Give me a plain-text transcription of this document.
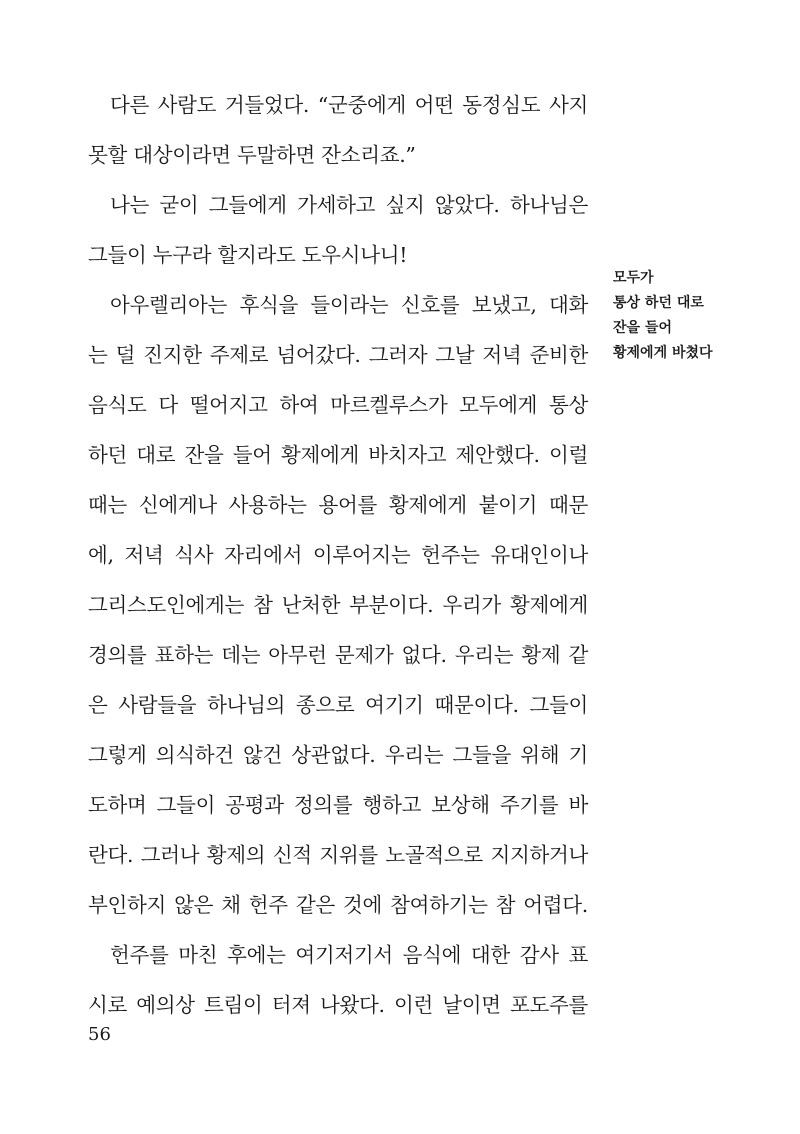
다른 사람도 거들었다. “군중에게 어떤 동정심도 사지
못할 대상이라면 두말하면 잔소리죠.”
나는 굳이 그들에게 가세하고 싶지 않았다. 하나님은
그들이 누구라 할지라도 도우시나니!
아우렐리아는 후식을 들이라는 신호를 보냈고, 대화
는 덜 진지한 주제로 넘어갔다. 그러자 그날 저녁 준비한
음식도 다 떨어지고 하여 마르켈루스가 모두에게 통상
하던 대로 잔을 들어 황제에게 바치자고 제안했다. 이럴
때는 신에게나 사용하는 용어를 황제에게 붙이기 때문
에, 저녁 식사 자리에서 이루어지는 헌주는 유대인이나
그리스도인에게는 참 난처한 부분이다. 우리가 황제에게
경의를 표하는 데는 아무런 문제가 없다. 우리는 황제 같
은 사람들을 하나님의 종으로 여기기 때문이다. 그들이
그렇게 의식하건 않건 상관없다. 우리는 그들을 위해 기
도하며 그들이 공평과 정의를 행하고 보상해 주기를 바
란다. 그러나 황제의 신적 지위를 노골적으로 지지하거나
부인하지 않은 채 헌주 같은 것에 참여하기는 참 어렵다.
헌주를 마친 후에는 여기저기서 음식에 대한 감사 표
시로 예의상 트림이 터져 나왔다. 이런 날이면 포도주를
모두가
통상 하던 대로
잔을 들어
황제에게 바쳤다
56
